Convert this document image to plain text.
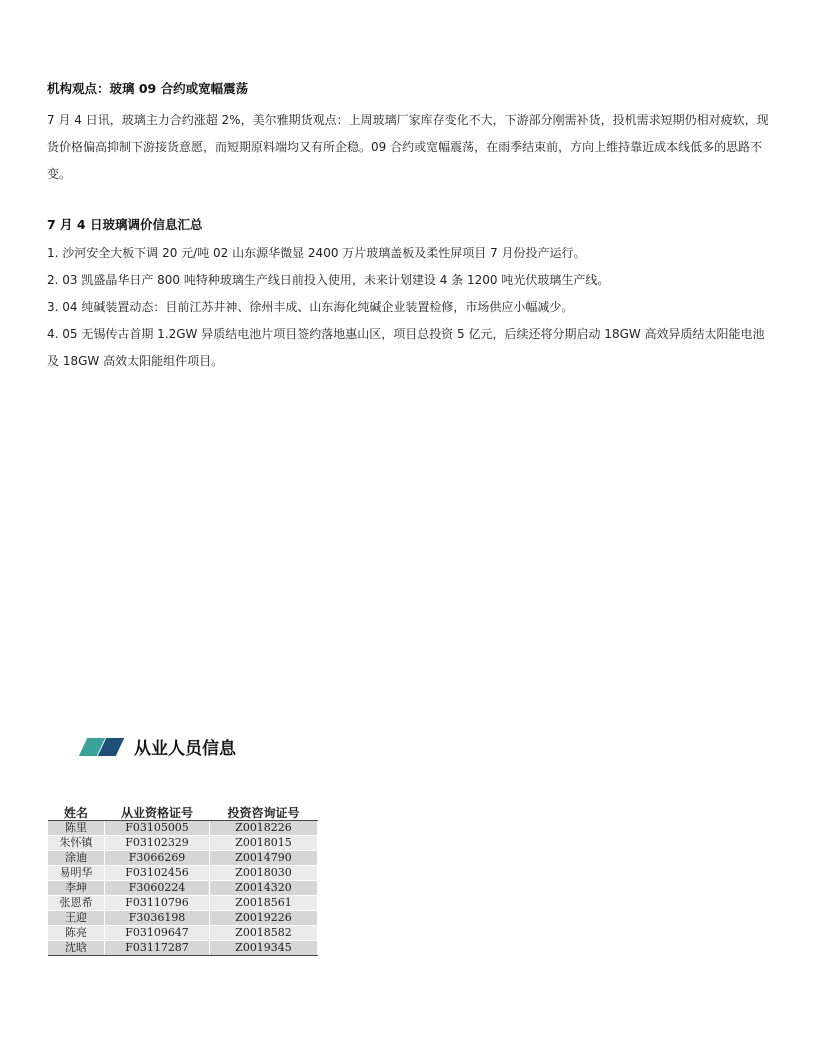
机构观点：玻璃 09 合约或宽幅震荡

7 月 4 日讯，玻璃主力合约涨超 2%，美尔雅期货观点：上周玻璃厂家库存变化不大，下游部分刚需补货，投机需求短期仍相对疲软，现货价格偏高抑制下游接货意愿，而短期原料端均又有所企稳。09 合约或宽幅震荡，在雨季结束前，方向上维持靠近成本线低多的思路不变。

7 月 4 日玻璃调价信息汇总

1. 沙河安全大板下调 20 元/吨 02 山东源华微显 2400 万片玻璃盖板及柔性屏项目 7 月份投产运行。

2. 03 凯盛晶华日产 800 吨特种玻璃生产线日前投入使用，未来计划建设 4 条 1200 吨光伏玻璃生产线。

3. 04 纯碱装置动态：目前江苏井神、徐州丰成、山东海化纯碱企业装置检修，市场供应小幅减少。

4. 05 无锡传古首期 1.2GW 异质结电池片项目签约落地惠山区，项目总投资 5 亿元，后续还将分期启动 18GW 高效异质结太阳能电池及 18GW 高效太阳能组件项目。

从业人员信息
姓名	从业资格证号	投资咨询证号
陈里	F03105005	Z0018226
朱怀镇	F03102329	Z0018015
涂迪	F3066269	Z0014790
易明华	F03102456	Z0018030
李坤	F3060224	Z0014320
张恩希	F03110796	Z0018561
王迎	F3036198	Z0019226
陈亮	F03109647	Z0018582
沈晗	F03117287	Z0019345
